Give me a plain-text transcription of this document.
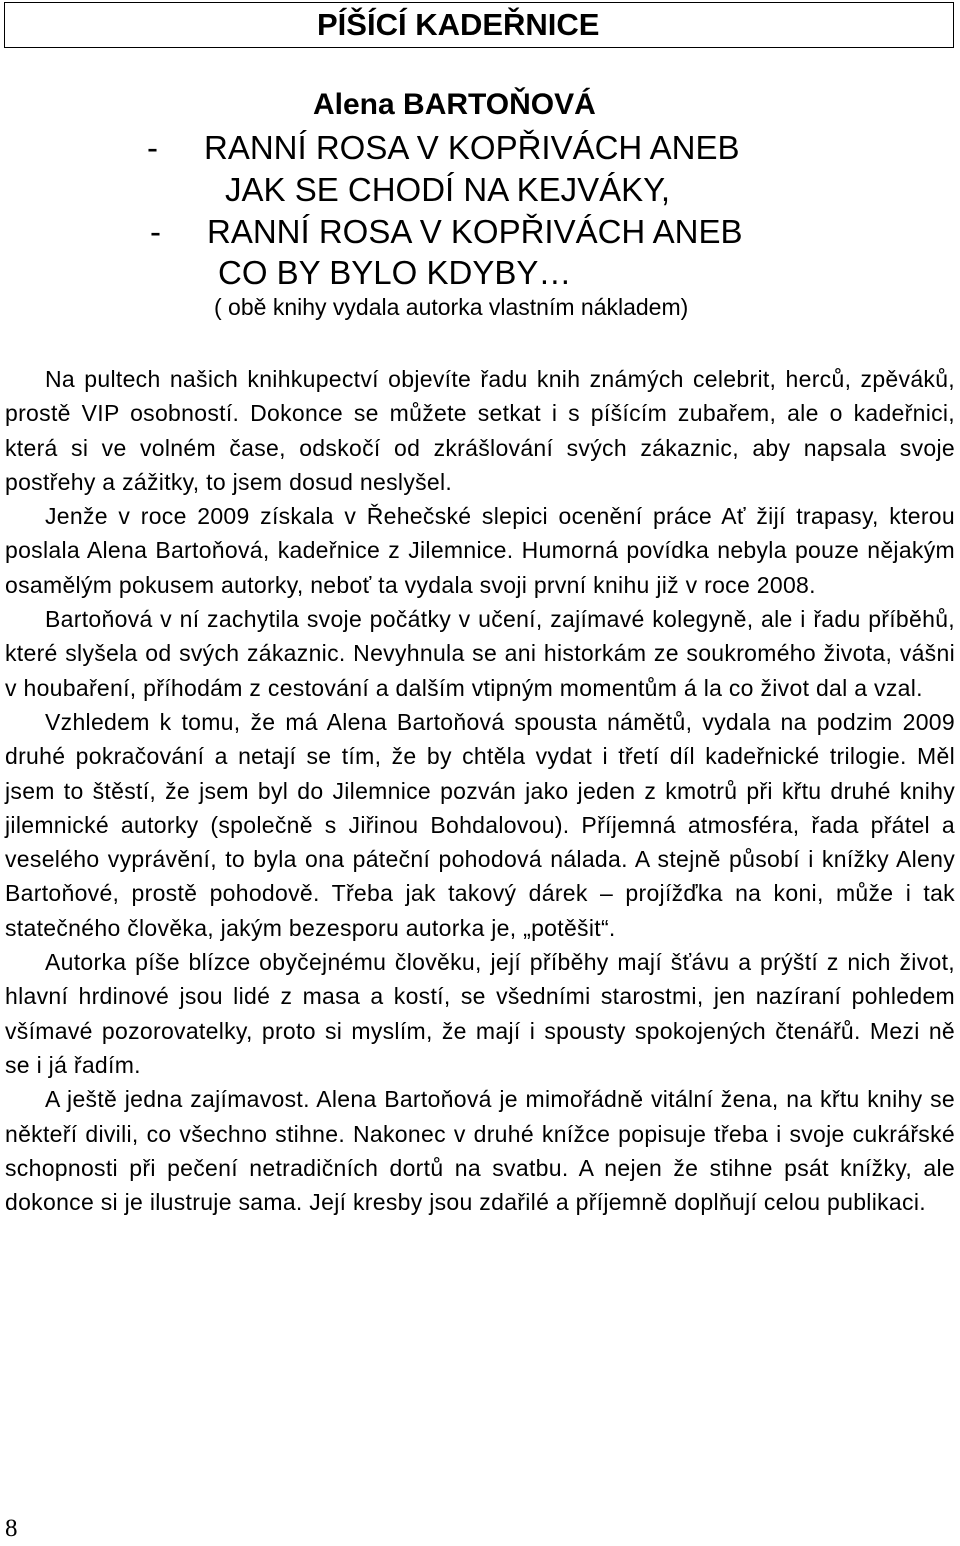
PÍŠÍCÍ KADEŘNICE
Alena BARTOŇOVÁ
- RANNÍ ROSA V KOPŘIVÁCH ANEB
JAK SE CHODÍ NA KEJVÁKY,
- RANNÍ ROSA V KOPŘIVÁCH ANEB
CO BY BYLO KDYBY…
( obě knihy vydala autorka vlastním nákladem)

Na pultech našich knihkupectví objevíte řadu knih známých celebrit, herců, zpěváků, prostě VIP osobností. Dokonce se můžete setkat i s píšícím zubařem, ale o kadeřnici, která si ve volném čase, odskočí od zkrášlování svých zákaznic, aby napsala svoje postřehy a zážitky, to jsem dosud neslyšel.

Jenže v roce 2009 získala v Řehečské slepici ocenění práce Ať žijí trapasy, kterou poslala Alena Bartoňová, kadeřnice z Jilemnice. Humorná povídka nebyla pouze nějakým osamělým pokusem autorky, neboť ta vydala svoji první knihu již v roce 2008.

Bartoňová v ní zachytila svoje počátky v učení, zajímavé kolegyně, ale i řadu příběhů, které slyšela od svých zákaznic. Nevyhnula se ani historkám ze soukromého života, vášni v houbaření, příhodám z cestování a dalším vtipným momentům á la co život dal a vzal.

Vzhledem k tomu, že má Alena Bartoňová spousta námětů, vydala na podzim 2009 druhé pokračování a netají se tím, že by chtěla vydat i třetí díl kadeřnické trilogie. Měl jsem to štěstí, že jsem byl do Jilemnice pozván jako jeden z kmotrů při křtu druhé knihy jilemnické autorky (společně s Jiřinou Bohdalovou). Příjemná atmosféra, řada přátel a veselého vyprávění, to byla ona páteční pohodová nálada. A stejně působí i knížky Aleny Bartoňové, prostě pohodově. Třeba jak takový dárek – projížďka na koni, může i tak statečného člověka, jakým bezesporu autorka je, „potěšit“.

Autorka píše blízce obyčejnému člověku, její příběhy mají šťávu a prýští z nich život, hlavní hrdinové jsou lidé z masa a kostí, se všedními starostmi, jen nazíraní pohledem všímavé pozorovatelky, proto si myslím, že mají i spousty spokojených čtenářů. Mezi ně se i já řadím.

A ještě jedna zajímavost. Alena Bartoňová je mimořádně vitální žena, na křtu knihy se někteří divili, co všechno stihne. Nakonec v druhé knížce popisuje třeba i svoje cukrářské schopnosti při pečení netradičních dortů na svatbu. A nejen že stihne psát knížky, ale dokonce si je ilustruje sama. Její kresby jsou zdařilé a příjemně doplňují celou publikaci.

8
